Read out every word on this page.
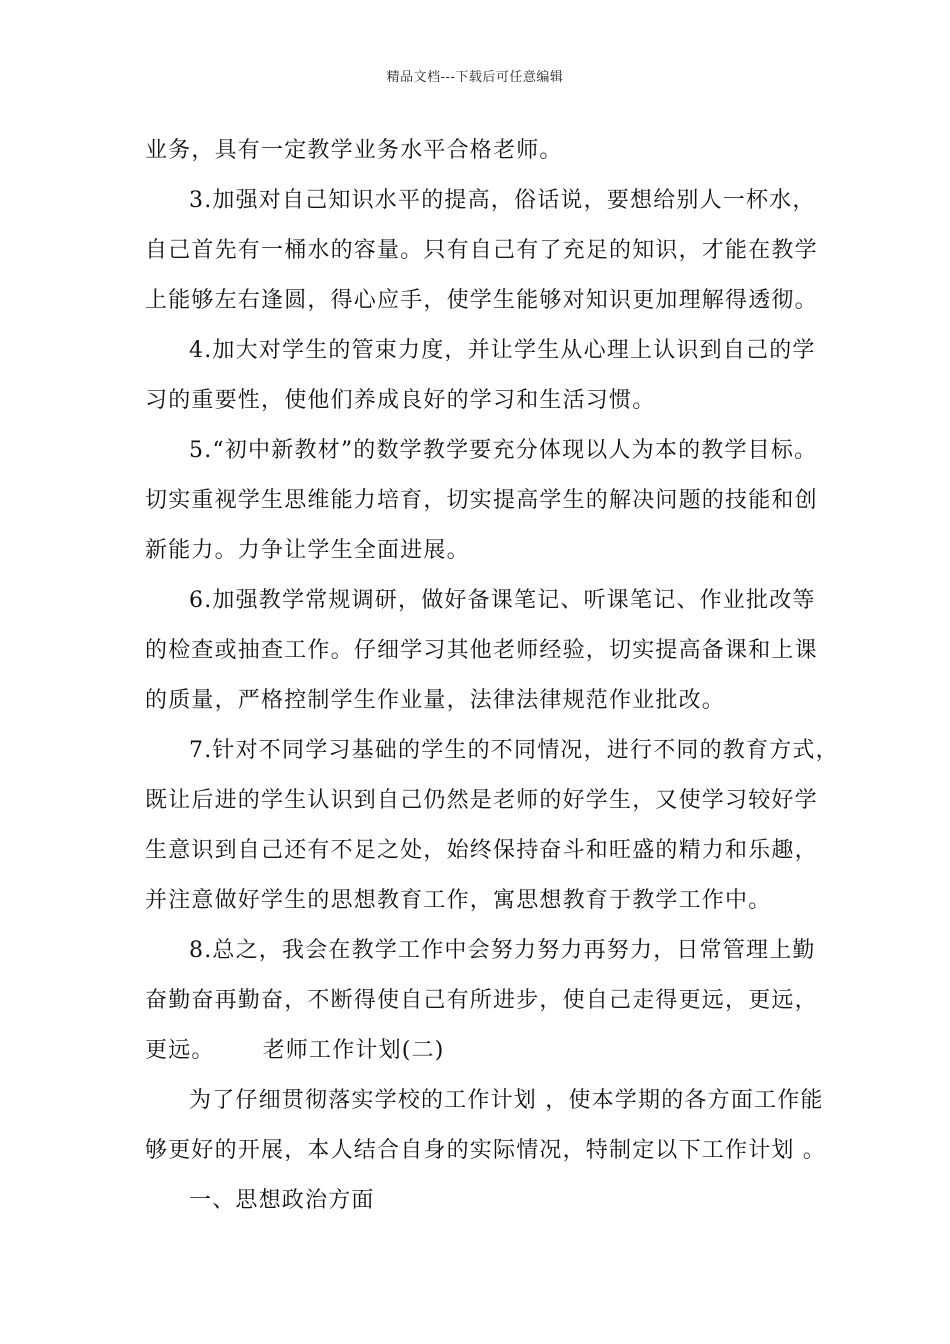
精品文档---下载后可任意编辑
业务，具有一定教学业务水平合格老师。
3.加强对自己知识水平的提高，俗话说，要想给别人一杯水，
自己首先有一桶水的容量。只有自己有了充足的知识，才能在教学
上能够左右逢圆，得心应手，使学生能够对知识更加理解得透彻。
4.加大对学生的管束力度，并让学生从心理上认识到自己的学
习的重要性，使他们养成良好的学习和生活习惯。
5.“初中新教材”的数学教学要充分体现以人为本的教学目标。
切实重视学生思维能力培育，切实提高学生的解决问题的技能和创
新能力。力争让学生全面进展。
6.加强教学常规调研，做好备课笔记、听课笔记、作业批改等
的检查或抽查工作。仔细学习其他老师经验，切实提高备课和上课
的质量，严格控制学生作业量，法律法律规范作业批改。
7.针对不同学习基础的学生的不同情况，进行不同的教育方式，
既让后进的学生认识到自己仍然是老师的好学生，又使学习较好学
生意识到自己还有不足之处，始终保持奋斗和旺盛的精力和乐趣，
并注意做好学生的思想教育工作，寓思想教育于教学工作中。
8.总之，我会在教学工作中会努力努力再努力，日常管理上勤
奋勤奋再勤奋，不断得使自己有所进步，使自己走得更远，更远，
更远。 老师工作计划(二)
为了仔细贯彻落实学校的工作计划 ，使本学期的各方面工作能
够更好的开展，本人结合自身的实际情况，特制定以下工作计划 。
一、思想政治方面
